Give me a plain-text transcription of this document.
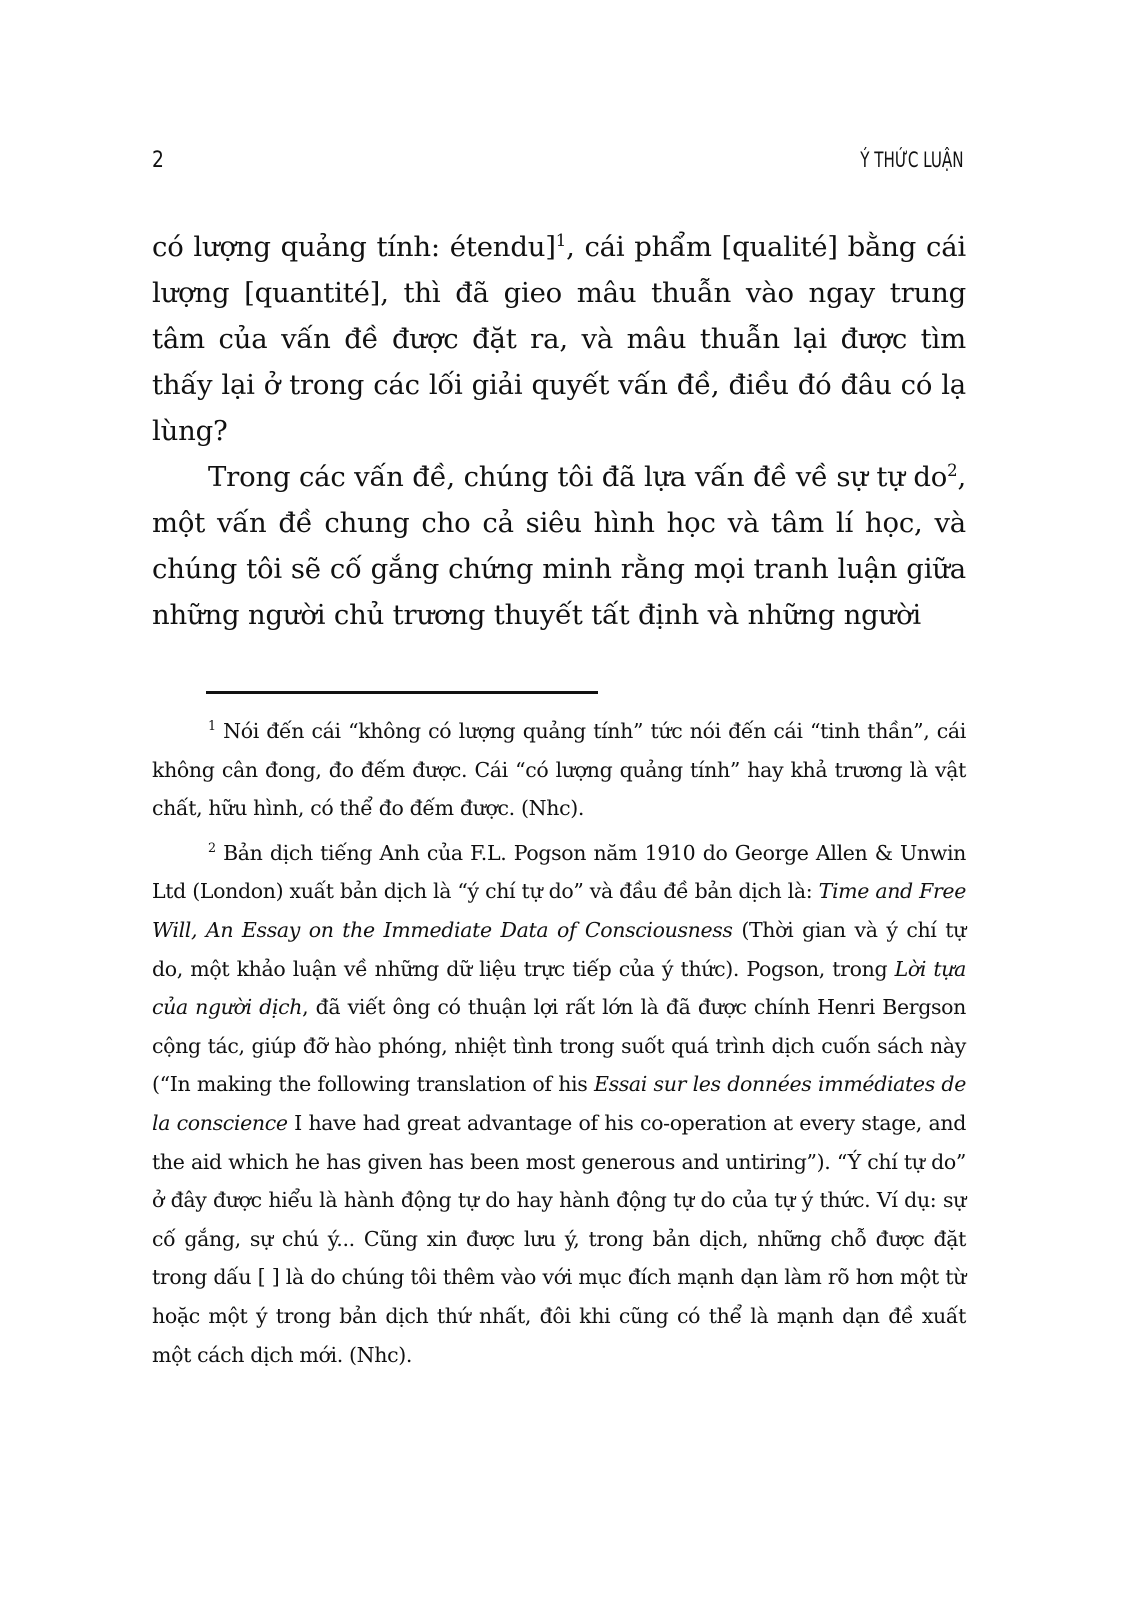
2	Ý THỨC LUẬN

có lượng quảng tính: étendu]$^1$, cái phẩm [qualité] bằng cái lượng [quantité], thì đã gieo mâu thuẫn vào ngay trung tâm của vấn đề được đặt ra, và mâu thuẫn lại được tìm thấy lại ở trong các lối giải quyết vấn đề, điều đó đâu có lạ lùng?

Trong các vấn đề, chúng tôi đã lựa vấn đề về sự tự $do^2$, một vấn đề chung cho cả siêu hình học và tâm lí học, và chúng tôi sẽ cố gắng chứng minh rằng mọi tranh luận giữa những người chủ trương thuyết tất định và những người

$^1$ Nói đến cái “không có lượng quảng tính” tức nói đến cái “tinh thần”, cái không cân đong, đo đếm được. Cái “có lượng quảng tính” hay khả trương là vật chất, hữu hình, có thể đo đếm được. (Nhc).

$^2$ Bản dịch tiếng Anh của F.L. Pogson năm 1910 do George Allen & Unwin Ltd (London) xuất bản dịch là “ý chí tự do” và đầu đề bản dịch là: Time and Free Will, An Essay on the Immediate Data of Consciousness (Thời gian và ý chí tự do, một khảo luận về những dữ liệu trực tiếp của ý thức). Pogson, trong Lời tựa của người dịch, đã viết ông có thuận lợi rất lớn là đã được chính Henri Bergson cộng tác, giúp đỡ hào phóng, nhiệt tình trong suốt quá trình dịch cuốn sách này (“In making the following translation of his Essai sur les données immédiates de la conscience I have had great advantage of his co-operation at every stage, and the aid which he has given has been most generous and untiring”). “Ý chí tự do” ở đây được hiểu là hành động tự do hay hành động tự do của tự ý thức. Ví dụ: sự cố gắng, sự chú ý... Cũng xin được lưu ý, trong bản dịch, những chỗ được đặt trong dấu [ ] là do chúng tôi thêm vào với mục đích mạnh dạn làm rõ hơn một từ hoặc một ý trong bản dịch thứ nhất, đôi khi cũng có thể là mạnh dạn đề xuất một cách dịch mới. (Nhc).
